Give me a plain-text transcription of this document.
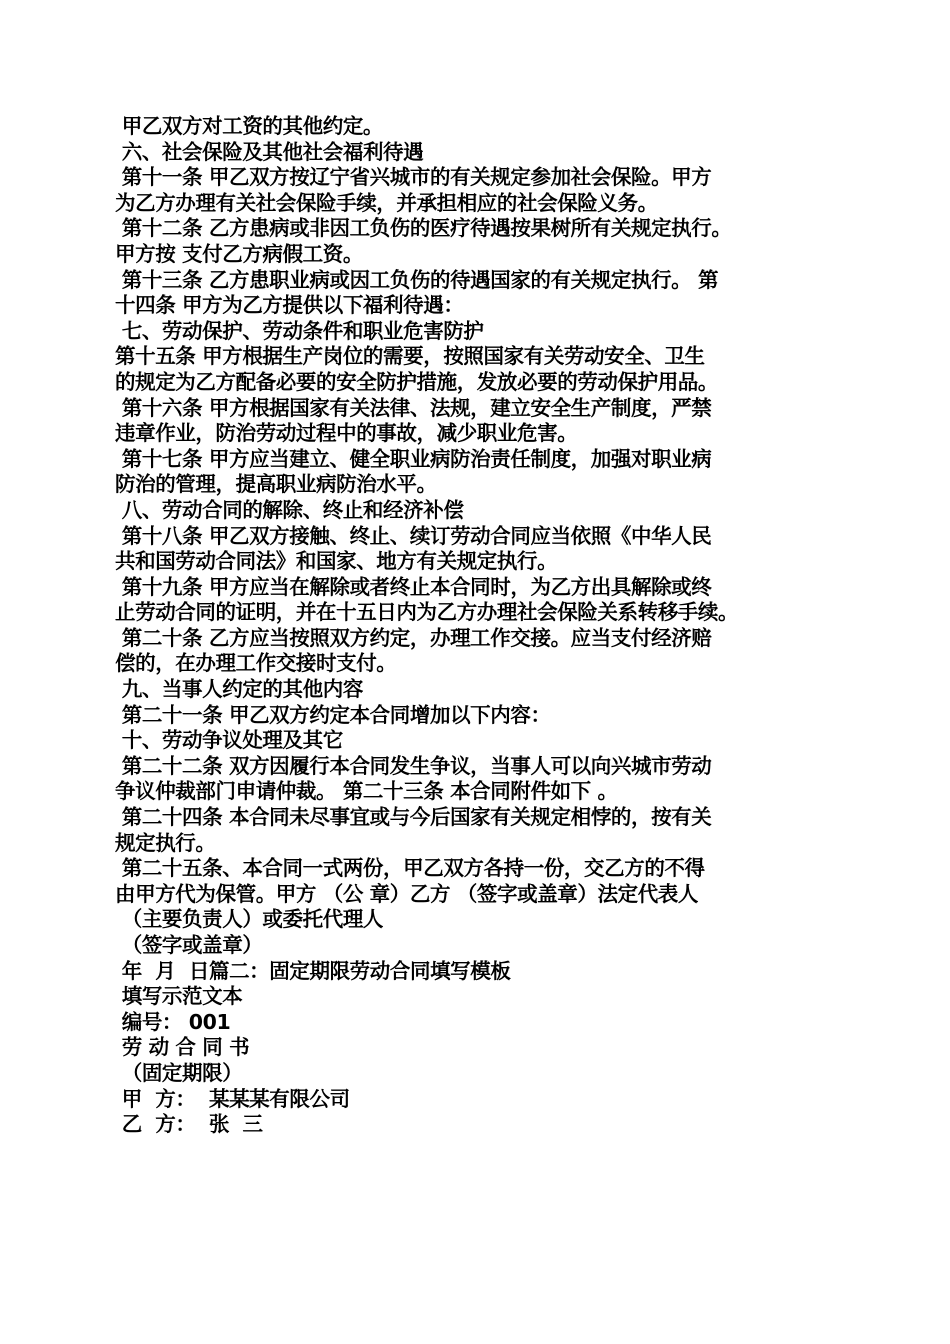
甲乙双方对工资的其他约定。
六、社会保险及其他社会福利待遇
第十一条 甲乙双方按辽宁省兴城市的有关规定参加社会保险。甲方
为乙方办理有关社会保险手续，并承担相应的社会保险义务。
第十二条 乙方患病或非因工负伤的医疗待遇按果树所有关规定执行。
甲方按 支付乙方病假工资。
第十三条 乙方患职业病或因工负伤的待遇国家的有关规定执行。 第
十四条 甲方为乙方提供以下福利待遇：
七、劳动保护、劳动条件和职业危害防护
第十五条 甲方根据生产岗位的需要，按照国家有关劳动安全、卫生
的规定为乙方配备必要的安全防护措施，发放必要的劳动保护用品。
第十六条 甲方根据国家有关法律、法规，建立安全生产制度，严禁
违章作业，防治劳动过程中的事故，减少职业危害。
第十七条 甲方应当建立、健全职业病防治责任制度，加强对职业病
防治的管理，提高职业病防治水平。
八、劳动合同的解除、终止和经济补偿
第十八条 甲乙双方接触、终止、续订劳动合同应当依照《中华人民
共和国劳动合同法》和国家、地方有关规定执行。
第十九条 甲方应当在解除或者终止本合同时，为乙方出具解除或终
止劳动合同的证明，并在十五日内为乙方办理社会保险关系转移手续。
第二十条 乙方应当按照双方约定，办理工作交接。应当支付经济赔
偿的，在办理工作交接时支付。
九、当事人约定的其他内容
第二十一条 甲乙双方约定本合同增加以下内容：
十、劳动争议处理及其它
第二十二条 双方因履行本合同发生争议，当事人可以向兴城市劳动
争议仲裁部门申请仲裁。 第二十三条 本合同附件如下 。
第二十四条 本合同未尽事宜或与今后国家有关规定相悖的，按有关
规定执行。
第二十五条、本合同一式两份，甲乙双方各持一份，交乙方的不得
由甲方代为保管。甲方 （公 章）乙方 （签字或盖章）法定代表人
（主要负责人）或委托代理人
（签字或盖章）
年  月  日篇二：固定期限劳动合同填写模板
填写示范文本
编号： 001
劳 动 合 同 书
（固定期限）
甲  方：  某某某有限公司
乙  方：  张  三
